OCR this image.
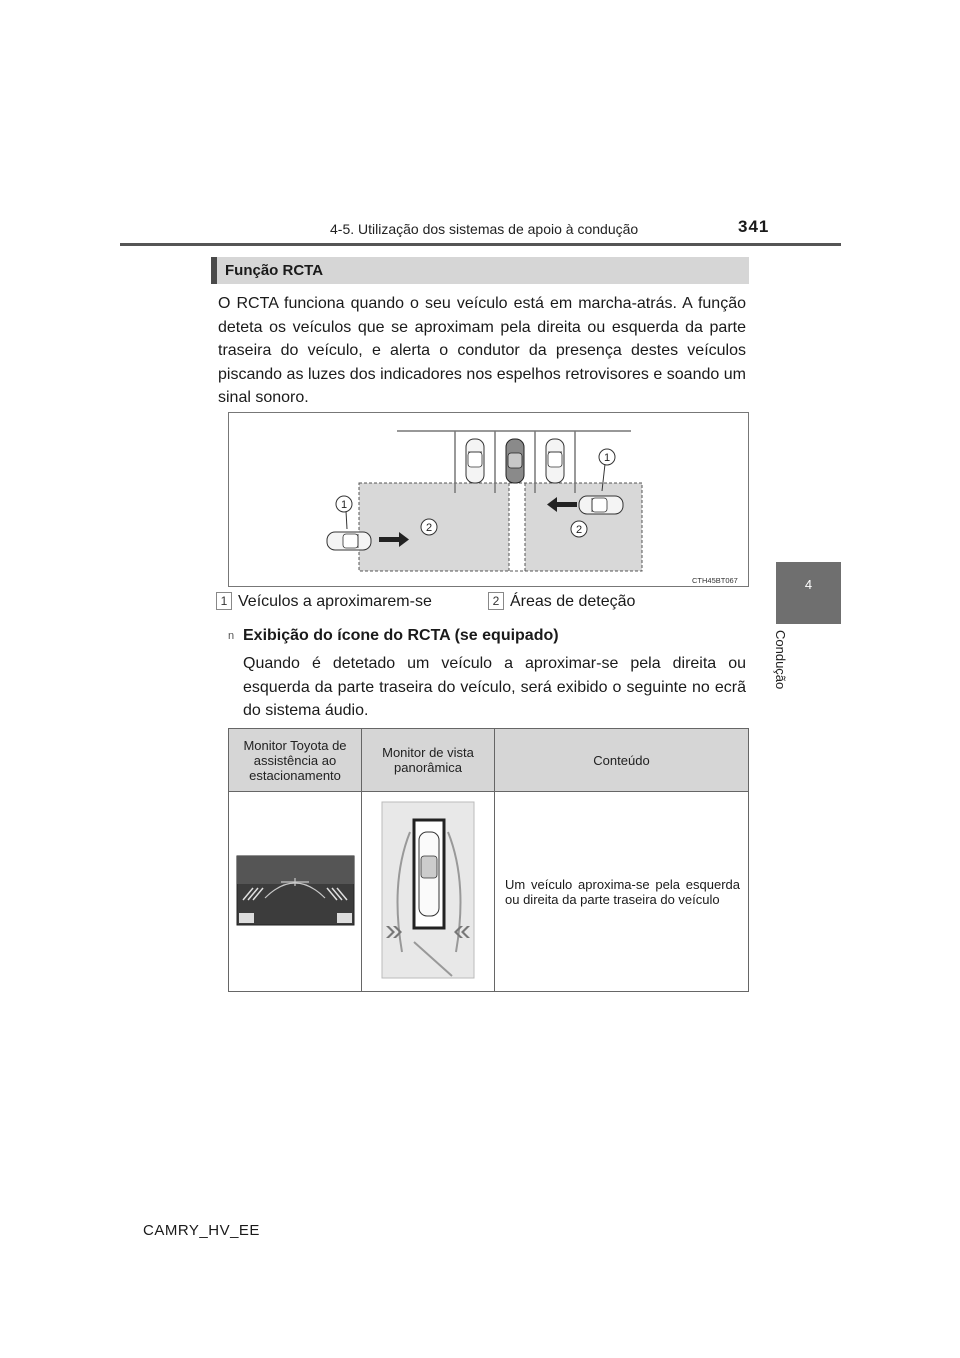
4-5. Utilização dos sistemas de apoio à condução	341
4
Condução
Função RCTA
O RCTA funciona quando o seu veículo está em marcha-atrás. A função deteta os veículos que se aproximam pela direita ou esquerda da parte traseira do veículo, e alerta o condutor da presença destes veículos piscando as luzes dos indicadores nos espelhos retrovisores e soando um sinal sonoro.
1
1
2	2
CTH45BT067
1 Veículos a aproximarem-se	2 Áreas de deteção
n Exibição do ícone do RCTA (se equipado)
Quando é detetado um veículo a aproximar-se pela direita ou esquerda da parte traseira do veículo, será exibido o seguinte no ecrã do sistema áudio.
Monitor Toyota de assistência ao estacionamento	Monitor de vista panorâmica	Conteúdo
		Um veículo aproxima-se pela esquerda ou direita da parte traseira do veículo
CAMRY_HV_EE
